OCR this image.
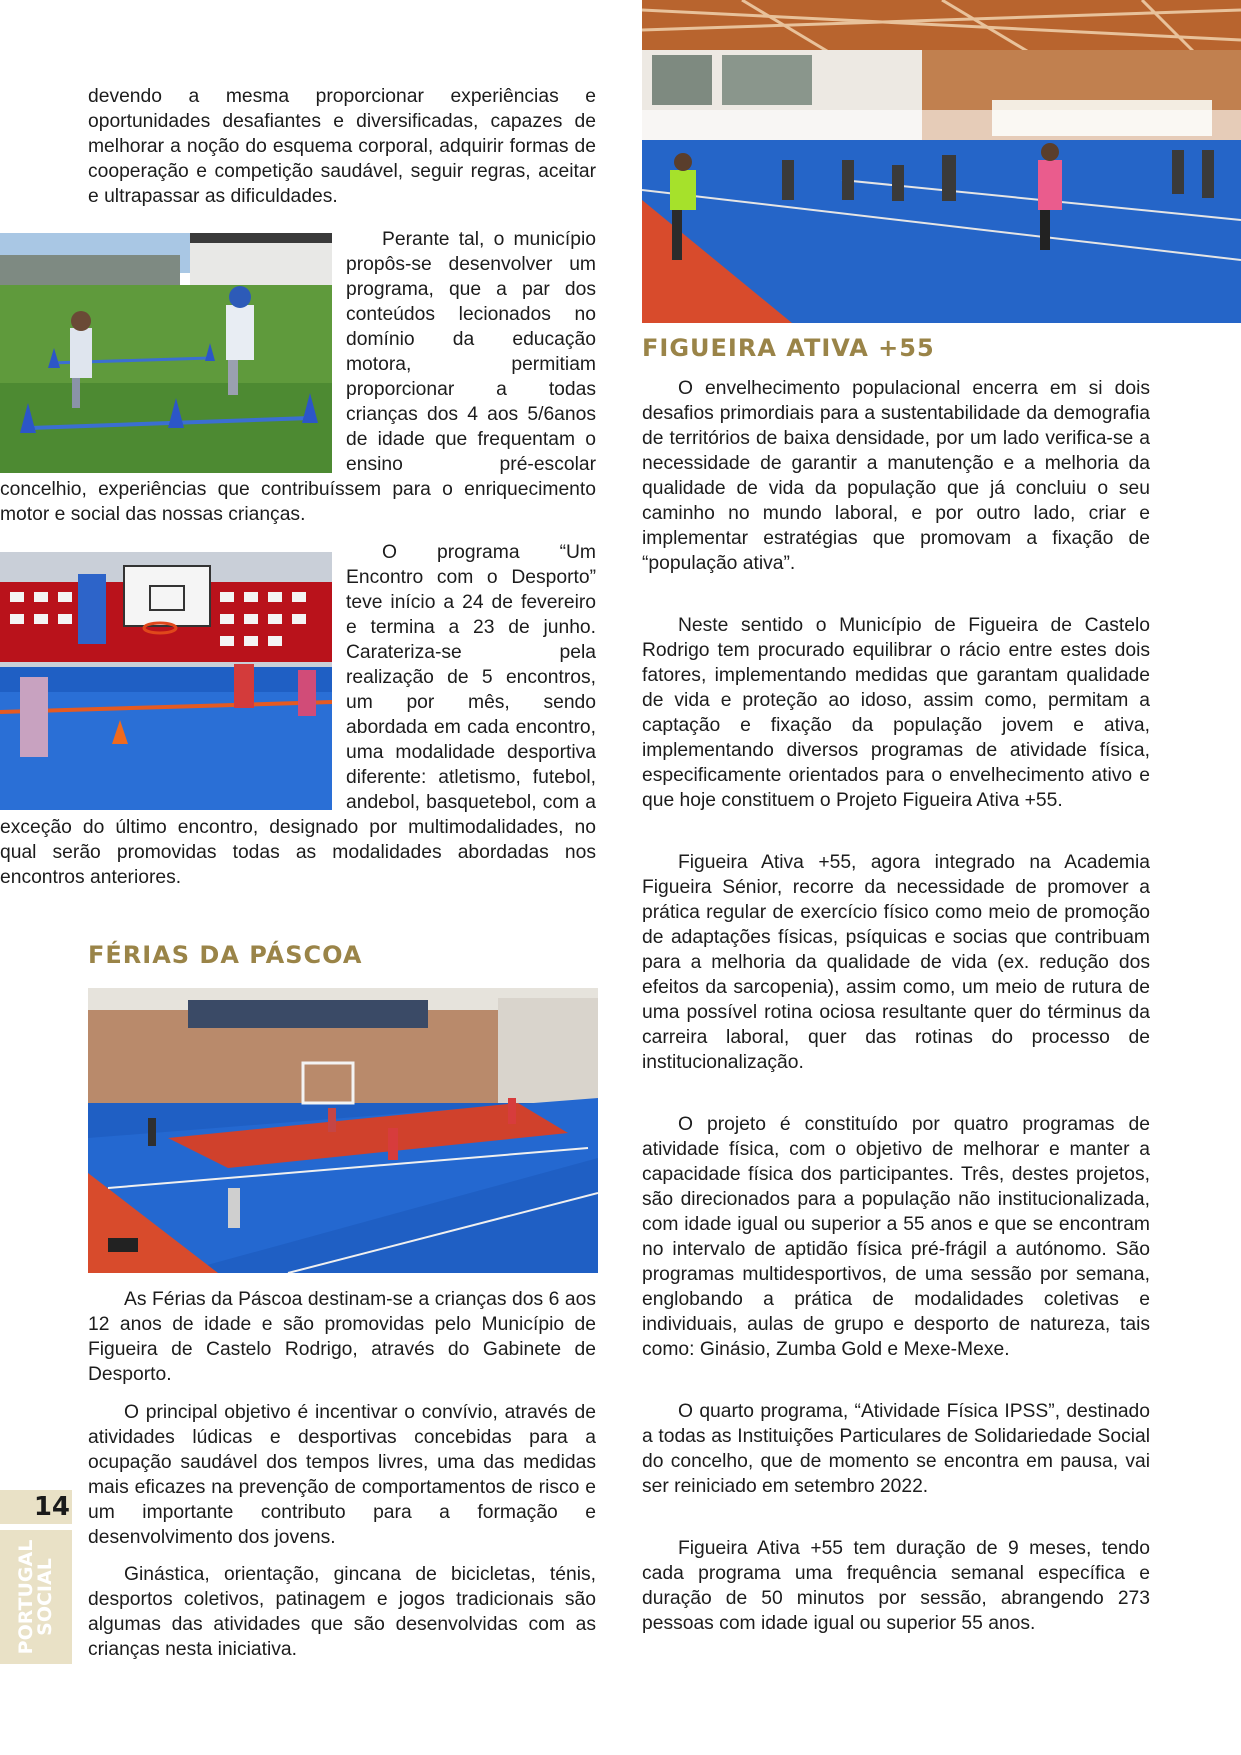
devendo a mesma proporcionar experiências e oportunidades desafiantes e diversificadas, capazes de melhorar a noção do esquema corporal, adquirir formas de cooperação e competição saudável, seguir regras, aceitar e ultrapassar as dificuldades.

Perante tal, o município propôs-se desenvolver um programa, que a par dos conteúdos lecionados no domínio da educação motora, permitiam proporcionar a todas crianças dos 4 aos 5/6anos de idade que frequentam o ensino pré-escolar concelhio, experiências que contribuíssem para o enriquecimento motor e social das nossas crianças.

O programa “Um Encontro com o Desporto” teve início a 24 de fevereiro e termina a 23 de junho. Carateriza-se pela realização de 5 encontros, um por mês, sendo abordada em cada encontro, uma modalidade desportiva diferente: atletismo, futebol, andebol, basquetebol, com a exceção do último encontro, designado por multimodalidades, no qual serão promovidas todas as modalidades abordadas nos encontros anteriores.

FÉRIAS DA PÁSCOA

As Férias da Páscoa destinam-se a crianças dos 6 aos 12 anos de idade e são promovidas pelo Município de Figueira de Castelo Rodrigo, através do Gabinete de Desporto.

O principal objetivo é incentivar o convívio, através de atividades lúdicas e desportivas concebidas para a ocupação saudável dos tempos livres, uma das medidas mais eficazes na prevenção de comportamentos de risco e um importante contributo para a formação e desenvolvimento dos jovens.

Ginástica, orientação, gincana de bicicletas, ténis, desportos coletivos, patinagem e jogos tradicionais são algumas das atividades que são desenvolvidas com as crianças nesta iniciativa.

FIGUEIRA ATIVA +55

O envelhecimento populacional encerra em si dois desafios primordiais para a sustentabilidade da demografia de territórios de baixa densidade, por um lado verifica-se a necessidade de garantir a manutenção e a melhoria da qualidade de vida da população que já concluiu o seu caminho no mundo laboral, e por outro lado, criar e implementar estratégias que promovam a fixação de “população ativa”.

Neste sentido o Município de Figueira de Castelo Rodrigo tem procurado equilibrar o rácio entre estes dois fatores, implementando medidas que garantam qualidade de vida e proteção ao idoso, assim como, permitam a captação e fixação da população jovem e ativa, implementando diversos programas de atividade física, especificamente orientados para o envelhecimento ativo e que hoje constituem o Projeto Figueira Ativa +55.

Figueira Ativa +55, agora integrado na Academia Figueira Sénior, recorre da necessidade de promover a prática regular de exercício físico como meio de promoção de adaptações físicas, psíquicas e socias que contribuam para a melhoria da qualidade de vida (ex. redução dos efeitos da sarcopenia), assim como, um meio de rutura de uma possível rotina ociosa resultante quer do términus da carreira laboral, quer das rotinas do processo de institucionalização.

O projeto é constituído por quatro programas de atividade física, com o objetivo de melhorar e manter a capacidade física dos participantes. Três, destes projetos, são direcionados para a população não institucionalizada, com idade igual ou superior a 55 anos e que se encontram no intervalo de aptidão física pré-frágil a autónomo. São programas multidesportivos, de uma sessão por semana, englobando a prática de modalidades coletivas e individuais, aulas de grupo e desporto de natureza, tais como: Ginásio, Zumba Gold e Mexe-Mexe.

O quarto programa, “Atividade Física IPSS”, destinado a todas as Instituições Particulares de Solidariedade Social do concelho, que de momento se encontra em pausa, vai ser reiniciado em setembro 2022.

Figueira Ativa +55 tem duração de 9 meses, tendo cada programa uma frequência semanal específica e duração de 50 minutos por sessão, abrangendo 273 pessoas com idade igual ou superior 55 anos.

14
PORTUGAL
SOCIAL
